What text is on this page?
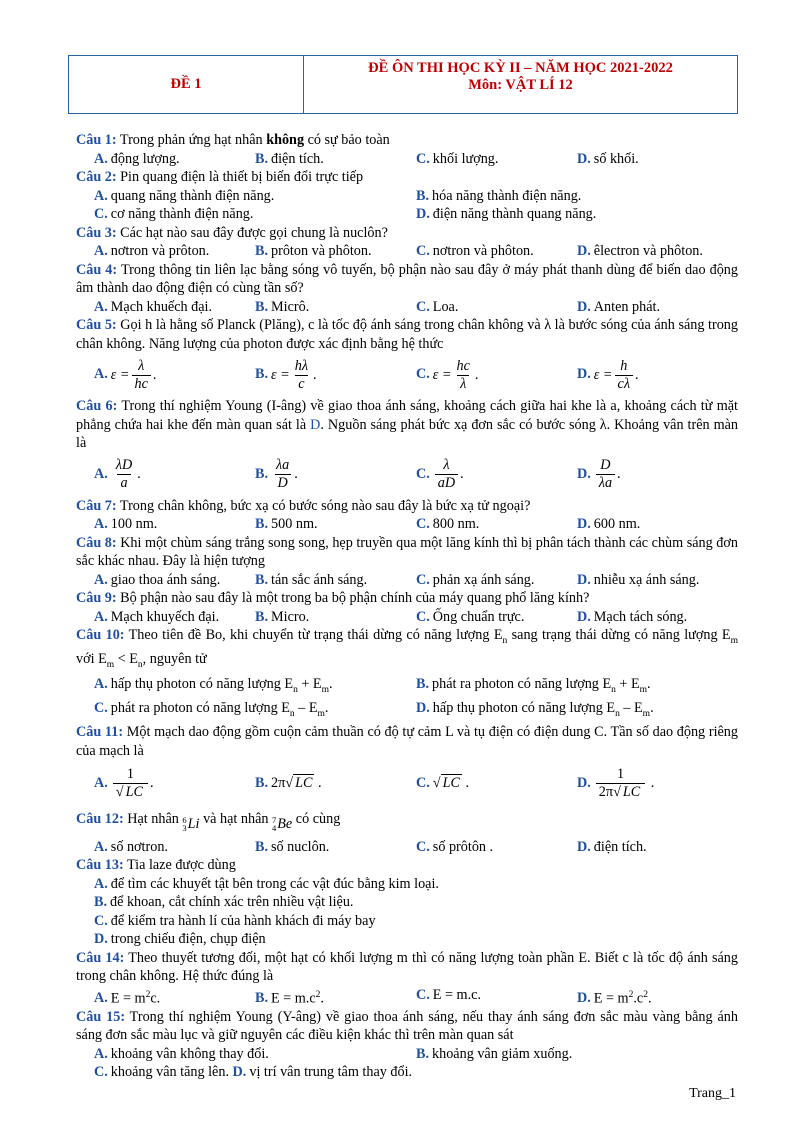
ĐỀ 1
ĐỀ ÔN THI HỌC KỲ II – NĂM HỌC 2021-2022
Môn: VẬT LÍ 12

Câu 1: Trong phản ứng hạt nhân không có sự bảo toàn

A. động lượng.	B. điện tích.	C. khối lượng.	D. số khối.

Câu 2: Pin quang điện là thiết bị biến đổi trực tiếp

A. quang năng thành điện năng.	B. hóa năng thành điện năng.
C. cơ năng thành điện năng.	D. điện năng thành quang năng.

Câu 3: Các hạt nào sau đây được gọi chung là nuclôn?

A. nơtron và prôton.	B. prôton và phôton.	C. nơtron và phôton.	D. êlectron và phôton.

Câu 4: Trong thông tin liên lạc bằng sóng vô tuyến, bộ phận nào sau đây ở máy phát thanh dùng để biến dao động âm thành dao động điện có cùng tần số?

A. Mạch khuếch đại.	B. Micrô.	C. Loa.	D. Anten phát.

Câu 5: Gọi h là hằng số Planck (Plăng), c là tốc độ ánh sáng trong chân không và λ là bước sóng của ánh sáng trong chân không. Năng lượng của photon được xác định bằng hệ thức

A. $\varepsilon = \frac{\lambda}{hc}$ .	B. $\varepsilon = \frac{h\lambda}{c}$ .	C. $\varepsilon = \frac{hc}{\lambda}$ .	D. $\varepsilon = \frac{h}{c\lambda}$ .

Câu 6: Trong thí nghiệm Young (I-âng) về giao thoa ánh sáng, khoảng cách giữa hai khe là a, khoảng cách từ mặt phẳng chứa hai khe đến màn quan sát là D. Nguồn sáng phát bức xạ đơn sắc có bước sóng λ. Khoảng vân trên màn là

A. $\frac{\lambda D}{a}$ .	B. $\frac{\lambda a}{D}$ .	C. $\frac{\lambda}{aD}$ .	D. $\frac{D}{\lambda a}$ .

Câu 7: Trong chân không, bức xạ có bước sóng nào sau đây là bức xạ tử ngoại?

A. 100 nm.	B. 500 nm.	C. 800 nm.	D. 600 nm.

Câu 8: Khi một chùm sáng trắng song song, hẹp truyền qua một lăng kính thì bị phân tách thành các chùm sáng đơn sắc khác nhau. Đây là hiện tượng

A. giao thoa ánh sáng.	B. tán sắc ánh sáng.	C. phản xạ ánh sáng.	D. nhiễu xạ ánh sáng.

Câu 9: Bộ phận nào sau đây là một trong ba bộ phận chính của máy quang phổ lăng kính?

A. Mạch khuyếch đại.	B. Micro.	C. Ống chuẩn trực.	D. Mạch tách sóng.

Câu 10: Theo tiên đề Bo, khi chuyển từ trạng thái dừng có năng lượng $E_n$ sang trạng thái dừng có năng lượng $E_m$ với $E_m < E_n$, nguyên tử

A. hấp thụ photon có năng lượng $E_n + E_m$.	B. phát ra photon có năng lượng $E_n + E_m$.
C. phát ra photon có năng lượng $E_n - E_m$.	D. hấp thụ photon có năng lượng $E_n - E_m$.

Câu 11: Một mạch dao động gồm cuộn cảm thuần có độ tự cảm L và tụ điện có điện dung C. Tần số dao động riêng của mạch là

A. $\frac{1}{√ LC}$ .	B. 2π√ LC .	C. √ LC .	D. $\frac{1}{2\pi√ LC}$ .

Câu 12: Hạt nhân 6
3 Li và hạt nhân 7
4 Be có cùng

A. số nơtron.	B. số nuclôn.	C. số prôtôn .	D. điện tích.

Câu 13: Tia laze được dùng

A. để tìm các khuyết tật bên trong các vật đúc bằng kim loại.
B. để khoan, cắt chính xác trên nhiều vật liệu.
C. để kiểm tra hành lí của hành khách đi máy bay
D. trong chiếu điện, chụp điện

Câu 14: Theo thuyết tương đối, một hạt có khối lượng m thì có năng lượng toàn phần E. Biết c là tốc độ ánh sáng trong chân không. Hệ thức đúng là

A. $E = m^2c$.	B. $E = m.c^2$.	C. E = m.c.	D. $E = m^2.c^2$.

Câu 15: Trong thí nghiệm Young (Y-âng) về giao thoa ánh sáng, nếu thay ánh sáng đơn sắc màu vàng bằng ánh sáng đơn sắc màu lục và giữ nguyên các điều kiện khác thì trên màn quan sát

A. khoảng vân không thay đổi.	B. khoảng vân giảm xuống.
C. khoảng vân tăng lên. D. vị trí vân trung tâm thay đổi.
Trang_1
